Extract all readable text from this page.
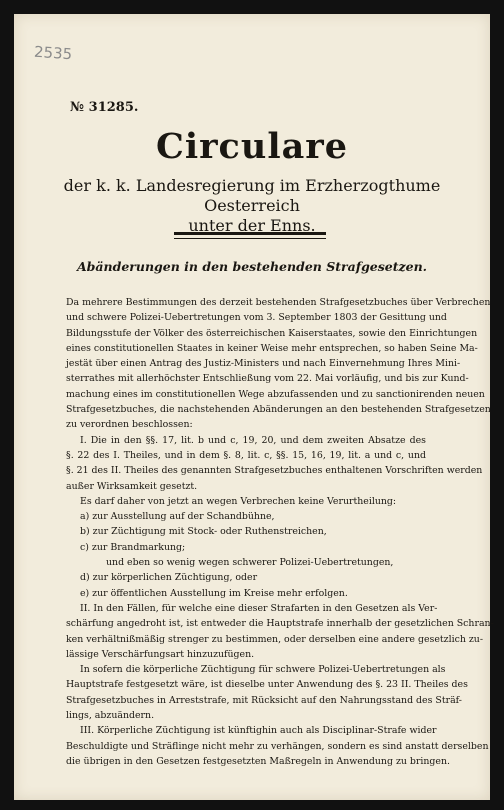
2535
№ 31285.
Circulare
der k. k. Landesregierung im Erzherzogthume Oesterreich
unter der Enns.
Abänderungen in den bestehenden Strafgesetzen.
Da mehrere Bestimmungen des derzeit bestehenden Strafgesetzbuches über Verbrechen
und schwere Polizei-Uebertretungen vom 3. September 1803 der Gesittung und
Bildungsstufe der Völker des österreichischen Kaiserstaates, sowie den Einrichtungen
eines constitutionellen Staates in keiner Weise mehr entsprechen, so haben Seine Ma-
jestät über einen Antrag des Justiz-Ministers und nach Einvernehmung Ihres Mini-
sterrathes mit allerhöchster Entschließung vom 22. Mai vorläufig, und bis zur Kund-
machung eines im constitutionellen Wege abzufassenden und zu sanctionirenden neuen
Strafgesetzbuches, die nachstehenden Abänderungen an den bestehenden Strafgesetzen
zu verordnen beschlossen:
I. Die in den §§. 17, lit. b und c, 19, 20, und dem zweiten Absatze des
§. 22 des I. Theiles, und in dem §. 8, lit. c, §§. 15, 16, 19, lit. a und c, und
§. 21 des II. Theiles des genannten Strafgesetzbuches enthaltenen Vorschriften werden
außer Wirksamkeit gesetzt.
Es darf daher von jetzt an wegen Verbrechen keine Verurtheilung:
a) zur Ausstellung auf der Schandbühne,
b) zur Züchtigung mit Stock- oder Ruthenstreichen,
c) zur Brandmarkung;
und eben so wenig wegen schwerer Polizei-Uebertretungen,
d) zur körperlichen Züchtigung, oder
e) zur öffentlichen Ausstellung im Kreise mehr erfolgen.
II. In den Fällen, für welche eine dieser Strafarten in den Gesetzen als Ver-
schärfung angedroht ist, ist entweder die Hauptstrafe innerhalb der gesetzlichen Schran-
ken verhältnißmäßig strenger zu bestimmen, oder derselben eine andere gesetzlich zu-
lässige Verschärfungsart hinzuzufügen.
In sofern die körperliche Züchtigung für schwere Polizei-Uebertretungen als
Hauptstrafe festgesetzt wäre, ist dieselbe unter Anwendung des §. 23 II. Theiles des
Strafgesetzbuches in Arreststrafe, mit Rücksicht auf den Nahrungsstand des Sträf-
lings, abzuändern.
III. Körperliche Züchtigung ist künftighin auch als Disciplinar-Strafe wider
Beschuldigte und Sträflinge nicht mehr zu verhängen, sondern es sind anstatt derselben
die übrigen in den Gesetzen festgesetzten Maßregeln in Anwendung zu bringen.
